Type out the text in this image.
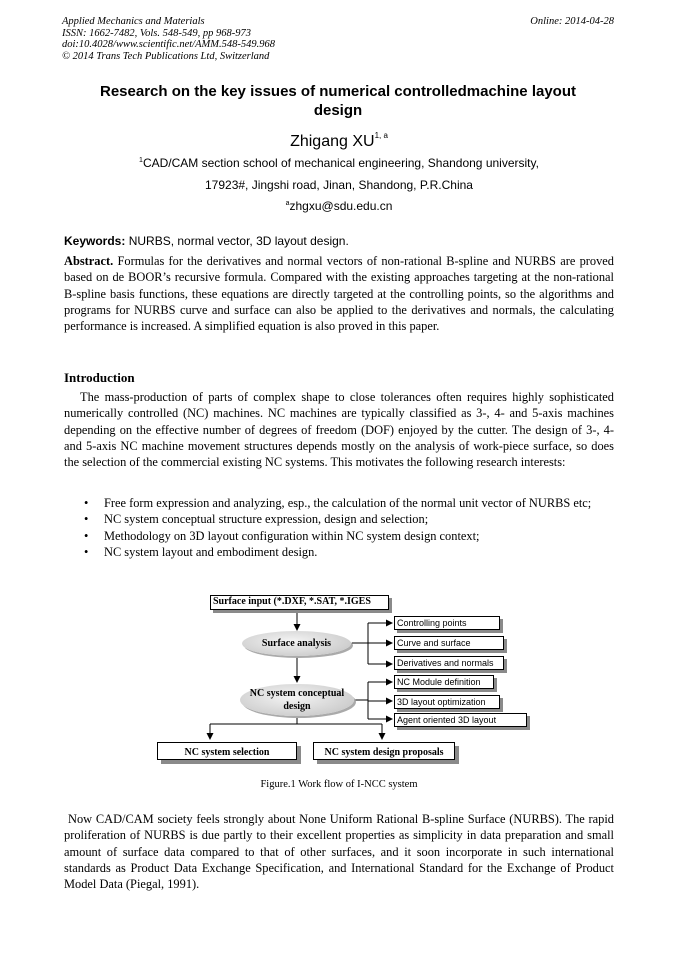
Applied Mechanics and Materials
ISSN: 1662-7482, Vols. 548-549, pp 968-973
doi:10.4028/www.scientific.net/AMM.548-549.968
© 2014 Trans Tech Publications Ltd, Switzerland
Online: 2014-04-28
Research on the key issues of numerical controlledmachine layout
design
Zhigang XU$^{1, a}$
$^1$CAD/CAM section school of mechanical engineering, Shandong university,
17923#, Jingshi road, Jinan, Shandong, P.R.China
$^a$zhgxu@sdu.edu.cn
Keywords: NURBS, normal vector, 3D layout design.
Abstract. Formulas for the derivatives and normal vectors of non-rational B-spline and NURBS are proved based on de BOOR’s recursive formula. Compared with the existing approaches targeting at the non-rational B-spline basis functions, these equations are directly targeted at the controlling points, so the algorithms and programs for NURBS curve and surface can also be applied to the derivatives and normals, the calculating performance is increased. A simplified equation is also proved in this paper.
Introduction
The mass-production of parts of complex shape to close tolerances often requires highly sophisticated numerically controlled (NC) machines. NC machines are typically classified as 3-, 4- and 5-axis machines depending on the effective number of degrees of freedom (DOF) enjoyed by the cutter. The design of 3-, 4- and 5-axis NC machine movement structures depends mostly on the analysis of work-piece surface, so does the selection of the commercial existing NC systems. This motivates the following research interests:
• Free form expression and analyzing, esp., the calculation of the normal unit vector of NURBS etc;
• NC system conceptual structure expression, design and selection;
• Methodology on 3D layout configuration within NC system design context;
• NC system layout and embodiment design.
Surface input (*.DXF, *.SAT, *.IGES
Surface analysis
NC system conceptual
design
Controlling points
Curve and surface
Derivatives and normals
NC Module definition
3D layout optimization
Agent oriented 3D layout
NC system selection	NC system design proposals
Figure.1 Work flow of I-NCC system
Now CAD/CAM society feels strongly about None Uniform Rational B-spline Surface (NURBS). The rapid proliferation of NURBS is due partly to their excellent properties as simplicity in data preparation and small amount of surface data compared to that of other surfaces, and it soon incorporate in such international standards as Product Data Exchange Specification, and International Standard for the Exchange of Product Model Data (Piegal, 1991).
